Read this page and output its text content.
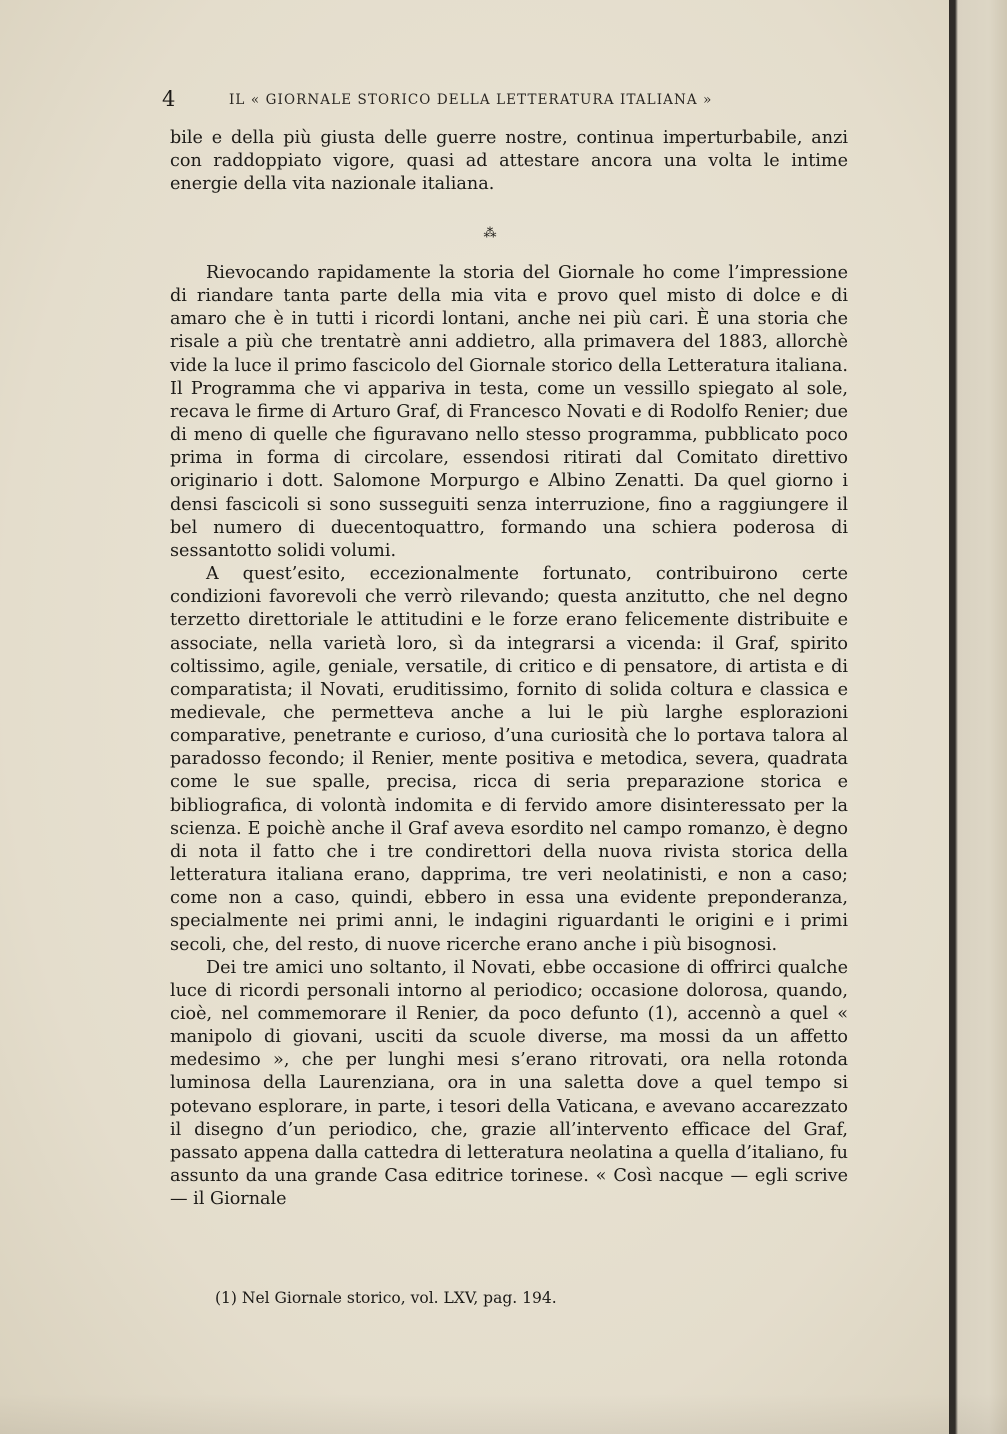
4	IL « GIORNALE STORICO DELLA LETTERATURA ITALIANA »

bile e della più giusta delle guerre nostre, continua imperturbabile, anzi con raddoppiato vigore, quasi ad attestare ancora una volta le intime energie della vita nazionale italiana.

⁂

Rievocando rapidamente la storia del Giornale ho come l’impressione di riandare tanta parte della mia vita e provo quel misto di dolce e di amaro che è in tutti i ricordi lontani, anche nei più cari. È una storia che risale a più che trentatrè anni addietro, alla primavera del 1883, allorchè vide la luce il primo fascicolo del Giornale storico della Letteratura italiana. Il Programma che vi appariva in testa, come un vessillo spiegato al sole, recava le firme di Arturo Graf, di Francesco Novati e di Rodolfo Renier; due di meno di quelle che figuravano nello stesso programma, pubblicato poco prima in forma di circolare, essendosi ritirati dal Comitato direttivo originario i dott. Salomone Morpurgo e Albino Zenatti. Da quel giorno i densi fascicoli si sono susseguiti senza interruzione, fino a raggiungere il bel numero di duecentoquattro, formando una schiera poderosa di sessantotto solidi volumi.

A quest’esito, eccezionalmente fortunato, contribuirono certe condizioni favorevoli che verrò rilevando; questa anzitutto, che nel degno terzetto direttoriale le attitudini e le forze erano felicemente distribuite e associate, nella varietà loro, sì da integrarsi a vicenda: il Graf, spirito coltissimo, agile, geniale, versatile, di critico e di pensatore, di artista e di comparatista; il Novati, eruditissimo, fornito di solida coltura e classica e medievale, che permetteva anche a lui le più larghe esplorazioni comparative, penetrante e curioso, d’una curiosità che lo portava talora al paradosso fecondo; il Renier, mente positiva e metodica, severa, quadrata come le sue spalle, precisa, ricca di seria preparazione storica e bibliografica, di volontà indomita e di fervido amore disinteressato per la scienza. E poichè anche il Graf aveva esordito nel campo romanzo, è degno di nota il fatto che i tre condirettori della nuova rivista storica della letteratura italiana erano, dapprima, tre veri neolatinisti, e non a caso; come non a caso, quindi, ebbero in essa una evidente preponderanza, specialmente nei primi anni, le indagini riguardanti le origini e i primi secoli, che, del resto, di nuove ricerche erano anche i più bisognosi.

Dei tre amici uno soltanto, il Novati, ebbe occasione di offrirci qualche luce di ricordi personali intorno al periodico; occasione dolorosa, quando, cioè, nel commemorare il Renier, da poco defunto (1), accennò a quel « manipolo di giovani, usciti da scuole diverse, ma mossi da un affetto medesimo », che per lunghi mesi s’erano ritrovati, ora nella rotonda luminosa della Laurenziana, ora in una saletta dove a quel tempo si potevano esplorare, in parte, i tesori della Vaticana, e avevano accarezzato il disegno d’un periodico, che, grazie all’intervento efficace del Graf, passato appena dalla cattedra di letteratura neolatina a quella d’italiano, fu assunto da una grande Casa editrice torinese. « Così nacque — egli scrive — il Giornale

(1) Nel Giornale storico, vol. LXV, pag. 194.
